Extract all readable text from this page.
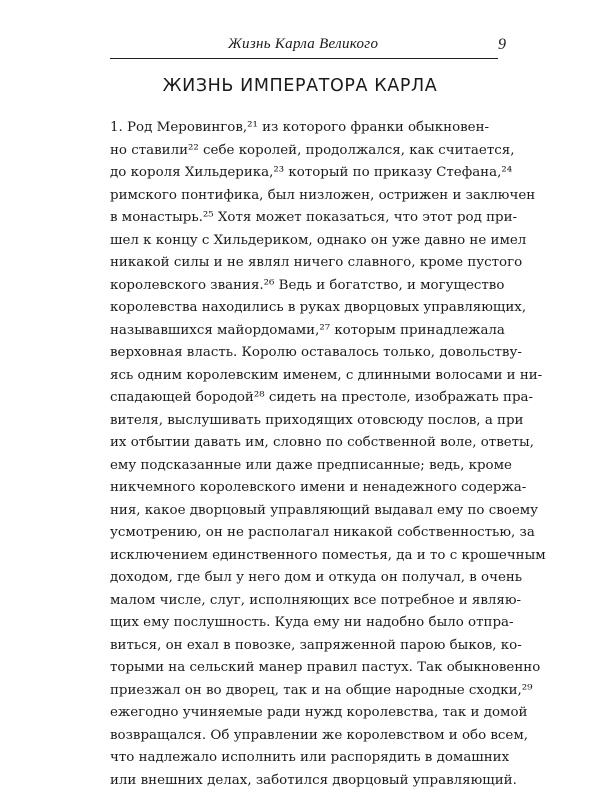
Жизнь Карла Великого	9
ЖИЗНЬ ИМПЕРАТОРА КАРЛА
1. Род Меровингов,²¹ из которого франки обыкновен-
но ставили²² себе королей, продолжался, как считается,
до короля Хильдерика,²³ который по приказу Стефана,²⁴
римского понтифика, был низложен, острижен и заключен
в монастырь.²⁵ Хотя может показаться, что этот род при-
шел к концу с Хильдериком, однако он уже давно не имел
никакой силы и не являл ничего славного, кроме пустого
королевского звания.²⁶ Ведь и богатство, и могущество
королевства находились в руках дворцовых управляющих,
называвшихся майордомами,²⁷ которым принадлежала
верховная власть. Королю оставалось только, довольству-
ясь одним королевским именем, с длинными волосами и ни-
спадающей бородой²⁸ сидеть на престоле, изображать пра-
вителя, выслушивать приходящих отовсюду послов, а при
их отбытии давать им, словно по собственной воле, ответы,
ему подсказанные или даже предписанные; ведь, кроме
никчемного королевского имени и ненадежного содержа-
ния, какое дворцовый управляющий выдавал ему по своему
усмотрению, он не располагал никакой собственностью, за
исключением единственного поместья, да и то с крошечным
доходом, где был у него дом и откуда он получал, в очень
малом числе, слуг, исполняющих все потребное и являю-
щих ему послушность. Куда ему ни надобно было отпра-
виться, он ехал в повозке, запряженной парою быков, ко-
торыми на сельский манер правил пастух. Так обыкновенно
приезжал он во дворец, так и на общие народные сходки,²⁹
ежегодно учиняемые ради нужд королевства, так и домой
возвращался. Об управлении же королевством и обо всем,
что надлежало исполнить или распорядить в домашних
или внешних делах, заботился дворцовый управляющий.
